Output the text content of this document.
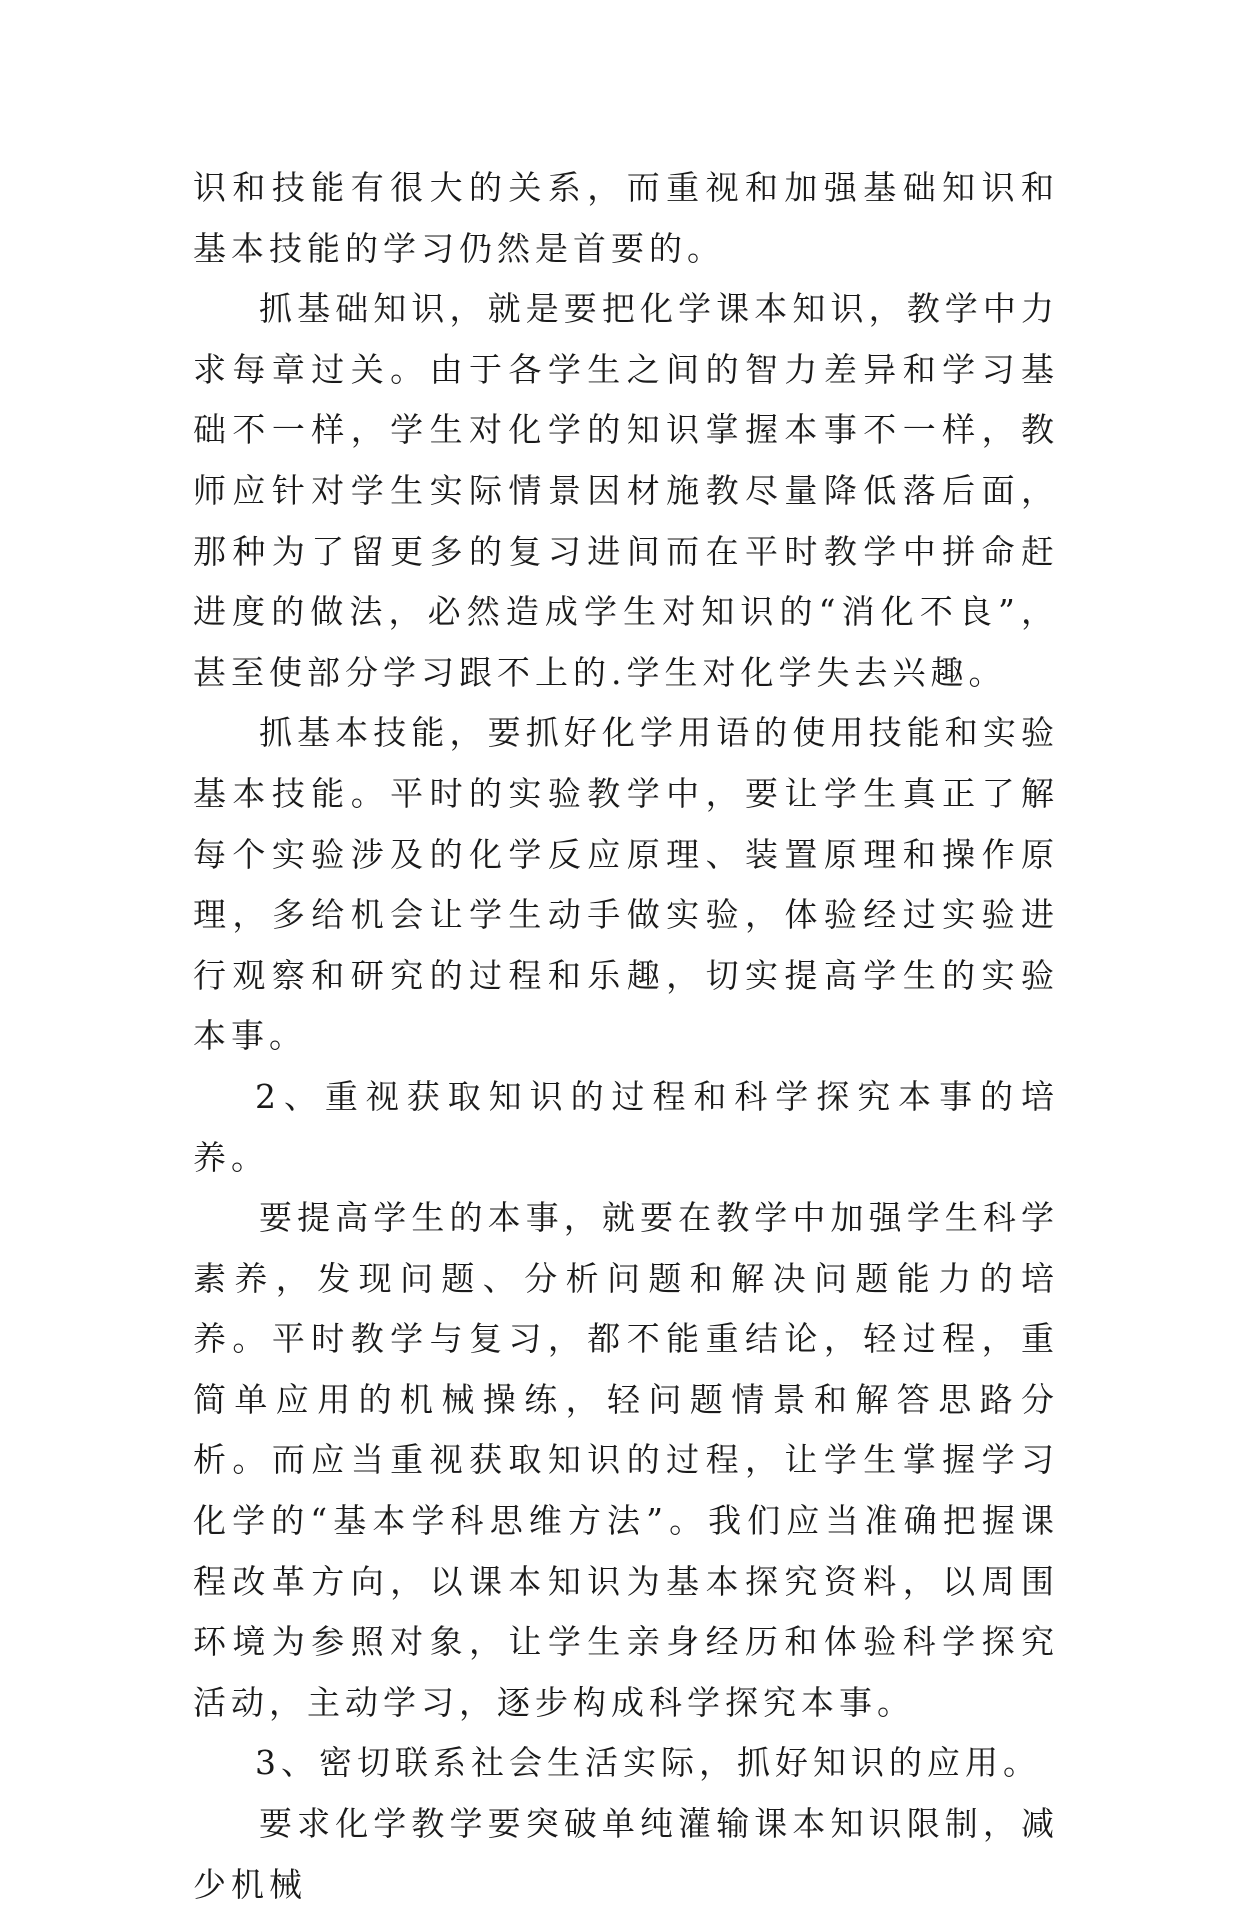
识和技能有很大的关系，而重视和加强基础知识和基本技能的学习仍然是首要的。

抓基础知识，就是要把化学课本知识，教学中力求每章过关。由于各学生之间的智力差异和学习基础不一样，学生对化学的知识掌握本事不一样，教师应针对学生实际情景因材施教尽量降低落后面，那种为了留更多的复习进间而在平时教学中拼命赶进度的做法，必然造成学生对知识的“消化不良”，甚至使部分学习跟不上的.学生对化学失去兴趣。

抓基本技能，要抓好化学用语的使用技能和实验基本技能。平时的实验教学中，要让学生真正了解每个实验涉及的化学反应原理、装置原理和操作原理，多给机会让学生动手做实验，体验经过实验进行观察和研究的过程和乐趣，切实提高学生的实验本事。

2、重视获取知识的过程和科学探究本事的培养。

要提高学生的本事，就要在教学中加强学生科学素养，发现问题、分析问题和解决问题能力的培养。平时教学与复习，都不能重结论，轻过程，重简单应用的机械操练，轻问题情景和解答思路分析。而应当重视获取知识的过程，让学生掌握学习化学的“基本学科思维方法”。我们应当准确把握课程改革方向，以课本知识为基本探究资料，以周围环境为参照对象，让学生亲身经历和体验科学探究活动，主动学习，逐步构成科学探究本事。

3、密切联系社会生活实际，抓好知识的应用。

要求化学教学要突破单纯灌输课本知识限制，减少机械
